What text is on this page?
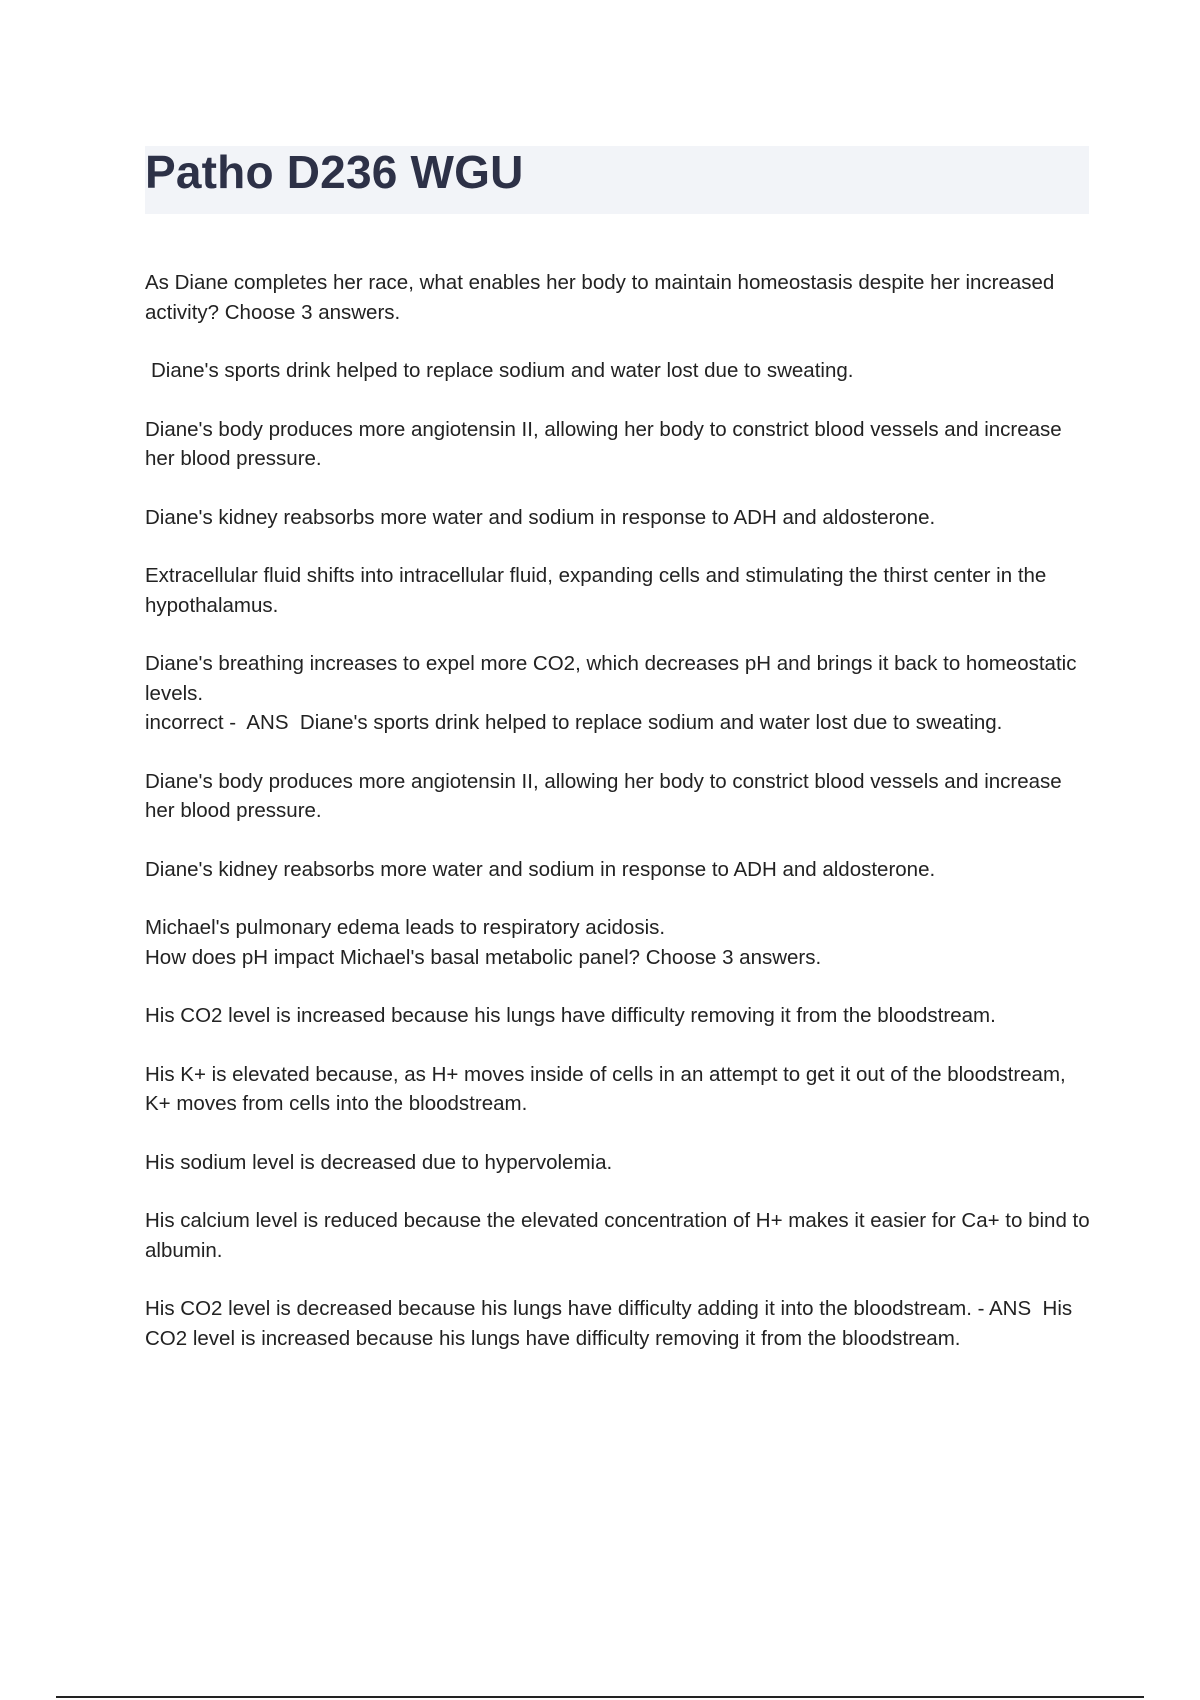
Patho D236 WGU

As Diane completes her race, what enables her body to maintain homeostasis despite her increased activity? Choose 3 answers.

Diane's sports drink helped to replace sodium and water lost due to sweating.

Diane's body produces more angiotensin II, allowing her body to constrict blood vessels and increase her blood pressure.

Diane's kidney reabsorbs more water and sodium in response to ADH and aldosterone.

Extracellular fluid shifts into intracellular fluid, expanding cells and stimulating the thirst center in the hypothalamus.

Diane's breathing increases to expel more CO2, which decreases pH and brings it back to homeostatic levels.

incorrect -  ANS  Diane's sports drink helped to replace sodium and water lost due to sweating.

Diane's body produces more angiotensin II, allowing her body to constrict blood vessels and increase her blood pressure.

Diane's kidney reabsorbs more water and sodium in response to ADH and aldosterone.

Michael's pulmonary edema leads to respiratory acidosis.

How does pH impact Michael's basal metabolic panel? Choose 3 answers.

His CO2 level is increased because his lungs have difficulty removing it from the bloodstream.

His K+ is elevated because, as H+ moves inside of cells in an attempt to get it out of the bloodstream, K+ moves from cells into the bloodstream.

His sodium level is decreased due to hypervolemia.

His calcium level is reduced because the elevated concentration of H+ makes it easier for Ca+ to bind to albumin.

His CO2 level is decreased because his lungs have difficulty adding it into the bloodstream. - ANS  His CO2 level is increased because his lungs have difficulty removing it from the bloodstream.
